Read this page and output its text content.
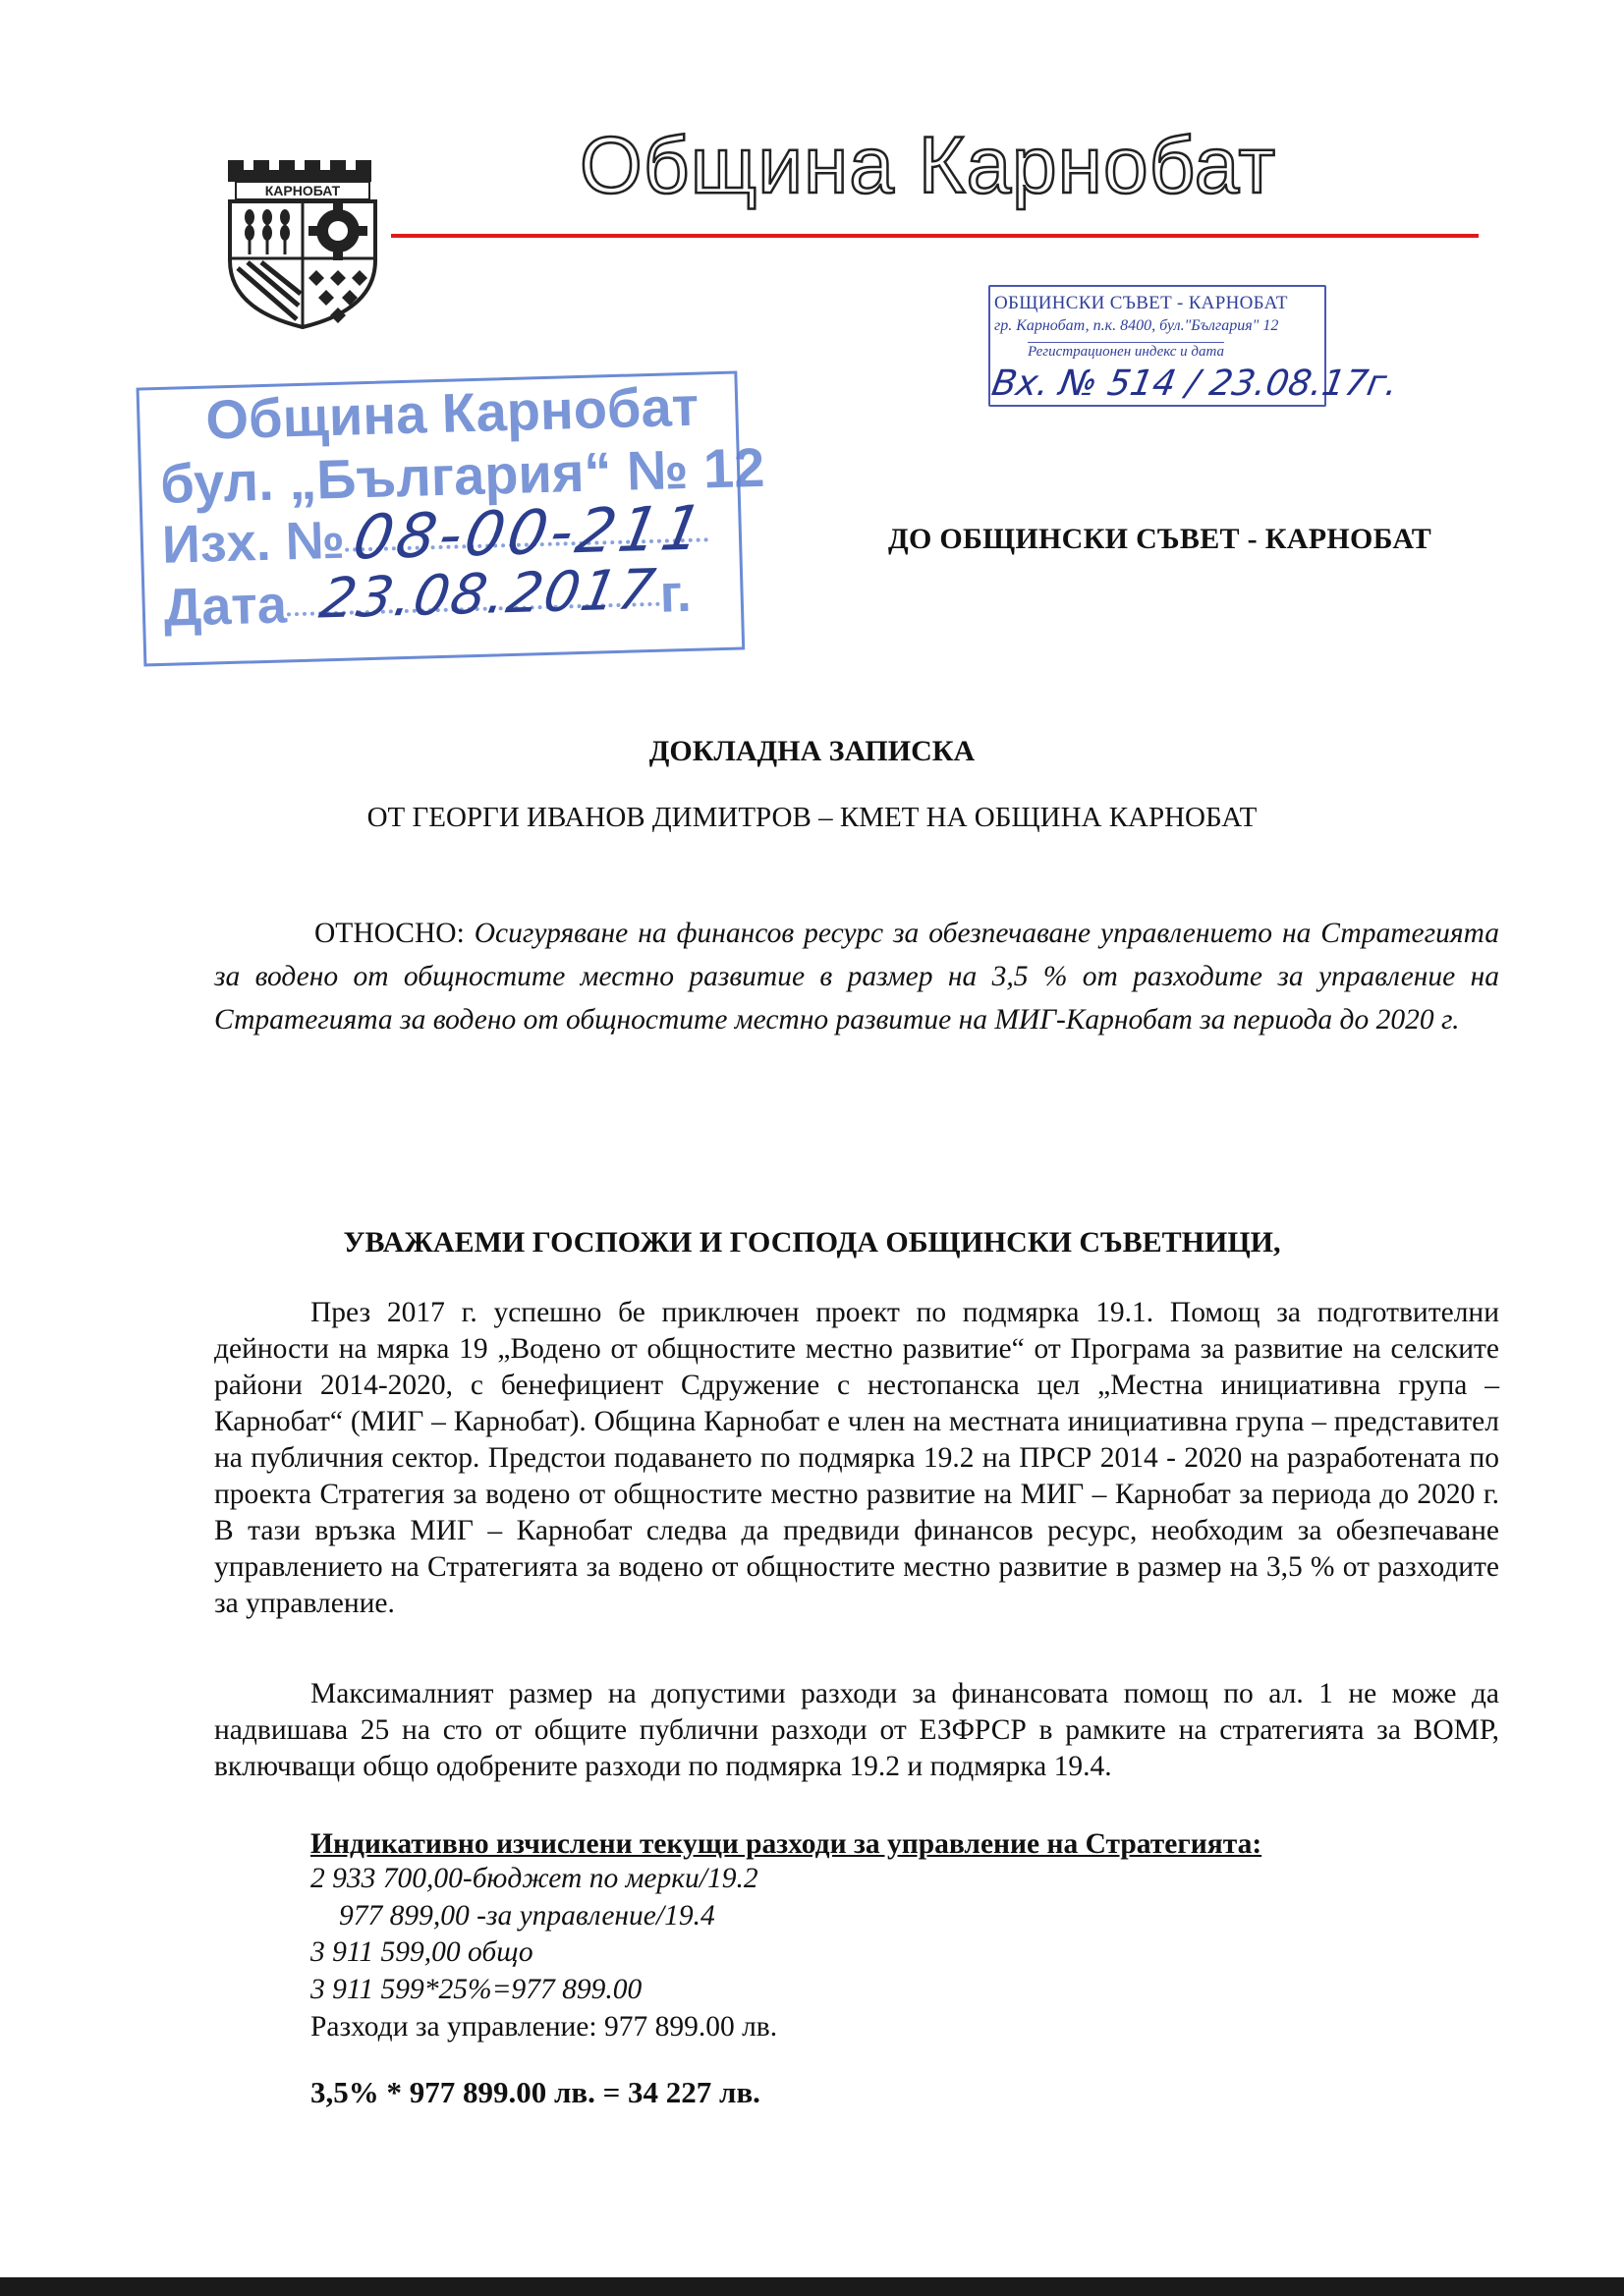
КАРНОБАТ	Община Карнобат
ОБЩИНСКИ СЪВЕТ - КАРНОБАТ
гр. Карнобат, п.к. 8400, бул."България" 12
Регистрационен индекс и дата
Вх. № 514 / 23.08.17г.
Община Карнобат
бул. „България“ № 12
Изх. №
Дата	г.
08-00-211
23.08.2017
ДО ОБЩИНСКИ СЪВЕТ - КАРНОБАТ
ДОКЛАДНА ЗАПИСКА
ОТ ГЕОРГИ ИВАНОВ ДИМИТРОВ – КМЕТ НА ОБЩИНА КАРНОБАТ
ОТНОСНО: Осигуряване на финансов ресурс за обезпечаване управлението на Стратегията за водено от общностите местно развитие в размер на 3,5 % от разходите за управление на Стратегията за водено от общностите местно развитие на МИГ-Карнобат за периода до 2020 г.
УВАЖАЕМИ ГОСПОЖИ И ГОСПОДА ОБЩИНСКИ СЪВЕТНИЦИ,
През 2017 г. успешно бе приключен проект по подмярка 19.1. Помощ за подготвителни дейности на мярка 19 „Водено от общностите местно развитие“ от Програма за развитие на селските райони 2014-2020, с бенефициент Сдружение с нестопанска цел „Местна инициативна група – Карнобат“ (МИГ – Карнобат). Община Карнобат е член на местната инициативна група – представител на публичния сектор. Предстои подаването по подмярка 19.2 на ПРСР 2014 - 2020 на разработената по проекта Стратегия за водено от общностите местно развитие на МИГ – Карнобат за периода до 2020 г. В тази връзка МИГ – Карнобат следва да предвиди финансов ресурс, необходим за обезпечаване управлението на Стратегията за водено от общностите местно развитие в размер на 3,5 % от разходите за управление.
Максималният размер на допустими разходи за финансовата помощ по ал. 1 не може да надвишава 25 на сто от общите публични разходи от ЕЗФРСР в рамките на стратегията за ВОМР, включващи общо одобрените разходи по подмярка 19.2 и подмярка 19.4.
Индикативно изчислени текущи разходи за управление на Стратегията:
2 933 700,00-бюджет по мерки/19.2
977 899,00 -за управление/19.4
3 911 599,00 общо
3 911 599*25%=977 899.00
Разходи за управление: 977 899.00 лв.
3,5% * 977 899.00 лв. = 34 227 лв.
